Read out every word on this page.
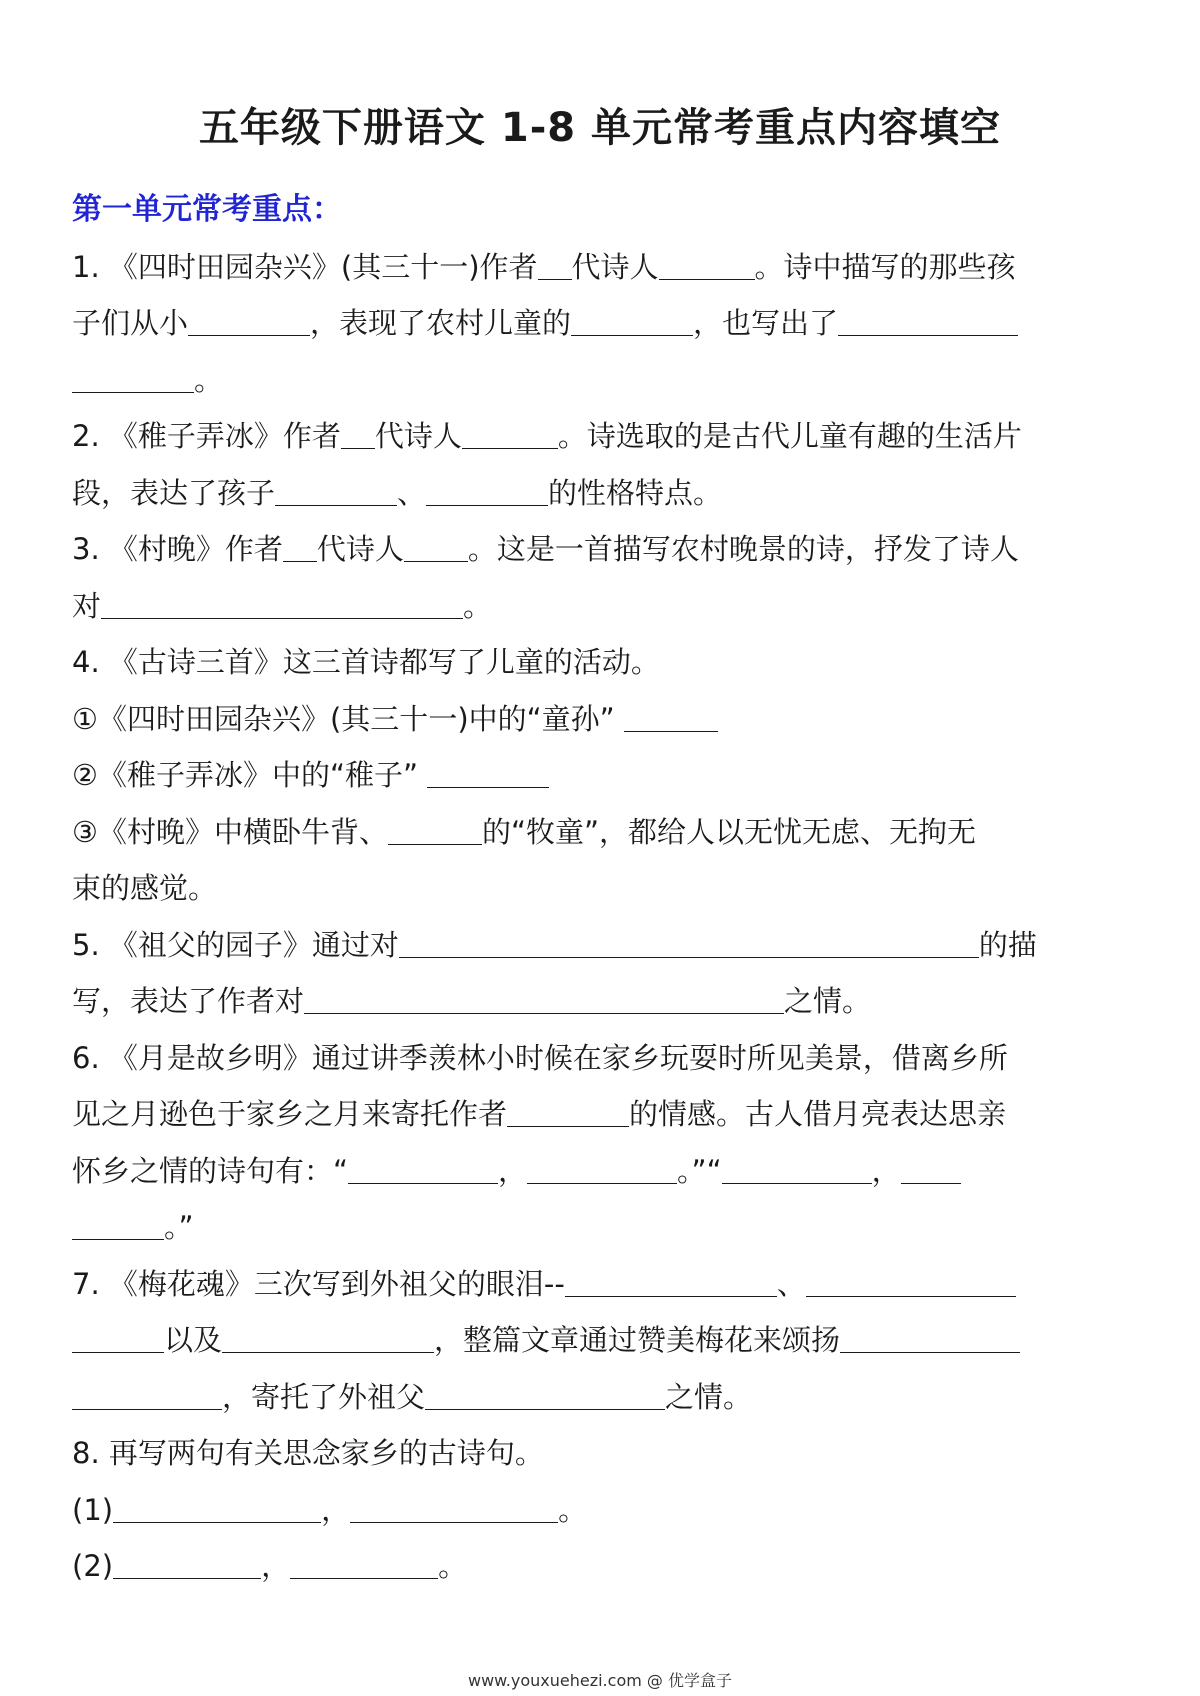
五年级下册语文 1-8 单元常考重点内容填空
第一单元常考重点：
1. 《四时田园杂兴》(其三十一)作者 代诗人	。诗中描写的那些孩
子们从小	，表现了农村儿童的	，也写出了
。
2. 《稚子弄冰》作者 代诗人	。诗选取的是古代儿童有趣的生活片
段，表达了孩子	、	的性格特点。
3. 《村晚》作者 代诗人 。这是一首描写农村晚景的诗，抒发了诗人
对	。
4. 《古诗三首》这三首诗都写了儿童的活动。
①《四时田园杂兴》(其三十一)中的“童孙”
②《稚子弄冰》中的“稚子”
③《村晚》中横卧牛背、	的“牧童”，都给人以无忧无虑、无拘无
束的感觉。
5. 《祖父的园子》通过对	的描
写，表达了作者对	之情。
6. 《月是故乡明》通过讲季羡林小时候在家乡玩耍时所见美景，借离乡所
见之月逊色于家乡之月来寄托作者	的情感。古人借月亮表达思亲
怀乡之情的诗句有：“	，	。”“	，
。”
7. 《梅花魂》三次写到外祖父的眼泪--	、
以及	，整篇文章通过赞美梅花来颂扬
，寄托了外祖父	之情。
8. 再写两句有关思念家乡的古诗句。
(1)	，	。
(2)	，	。
www.youxuehezi.com @ 优学盒子
